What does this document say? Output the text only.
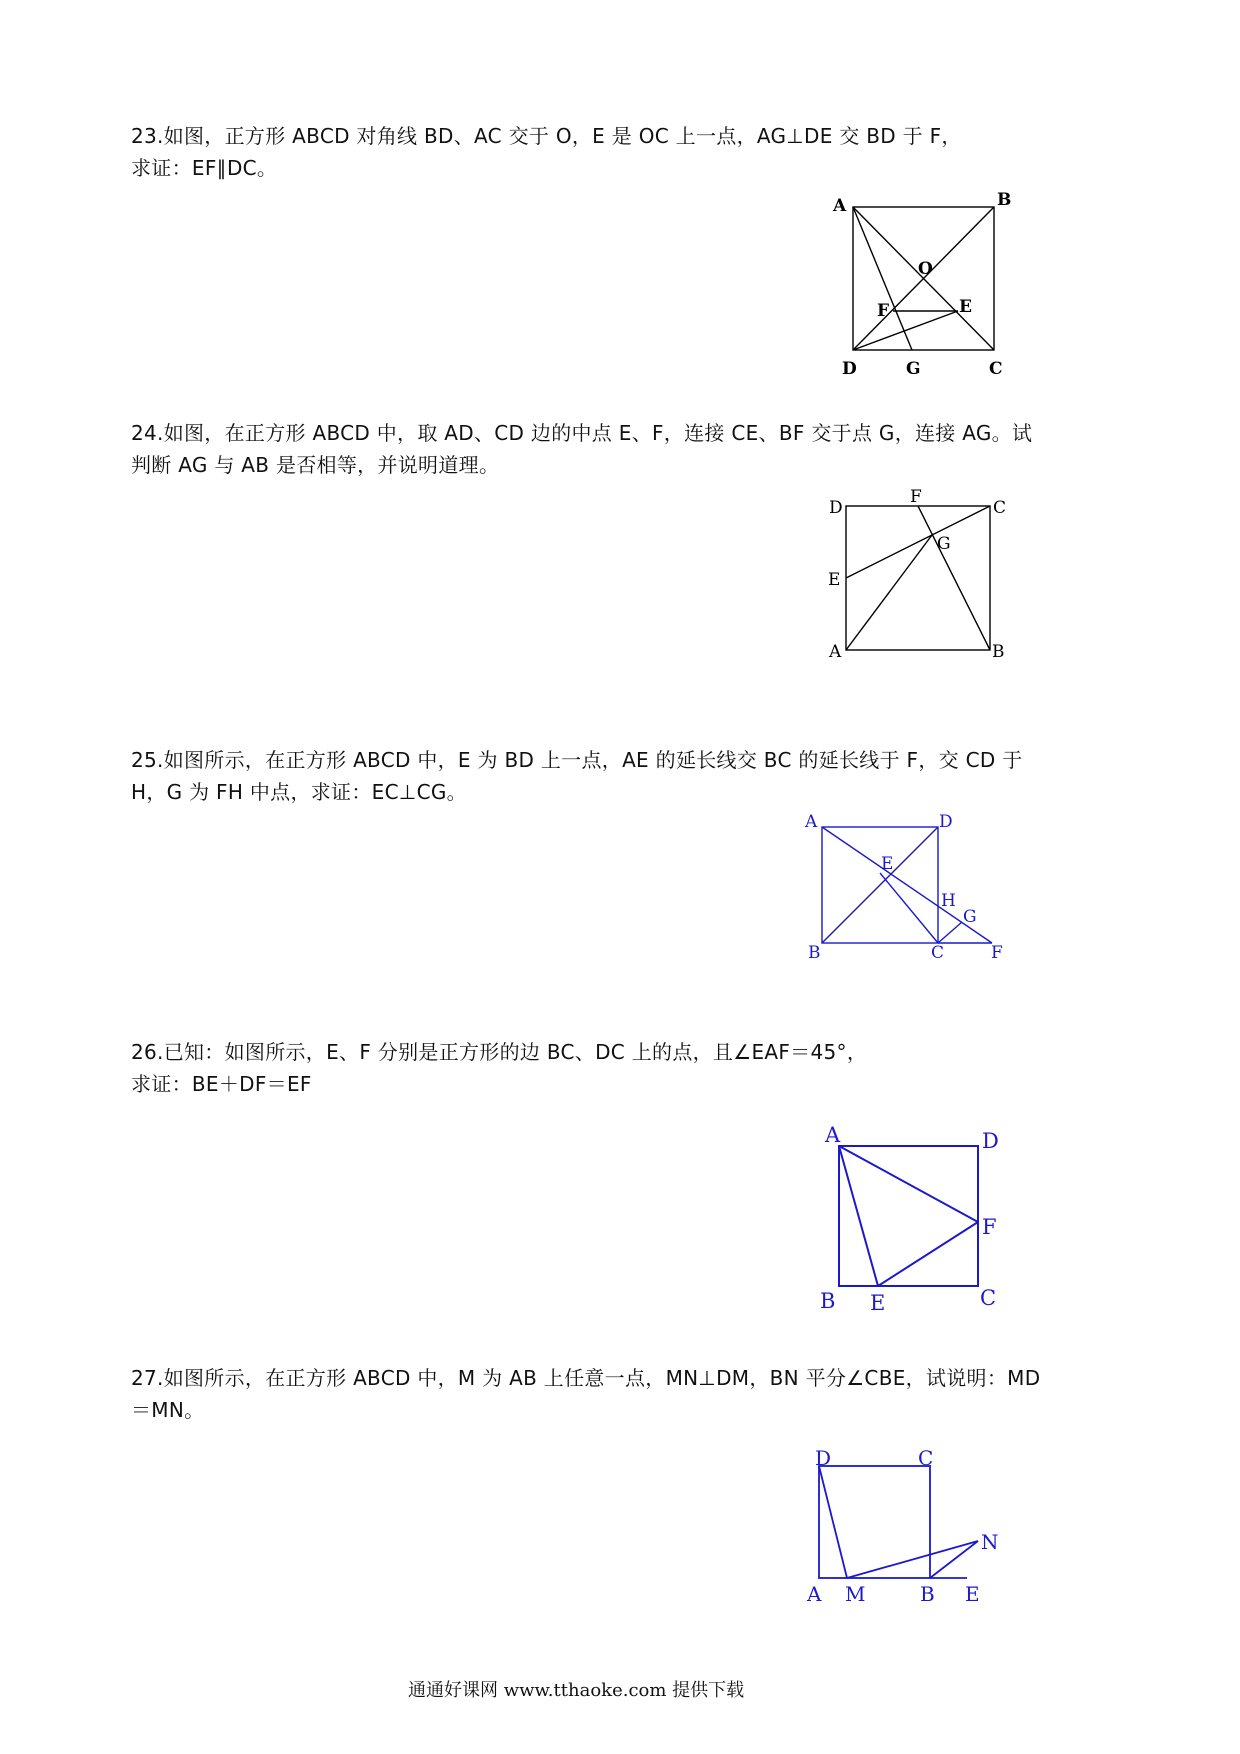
23.如图，正方形 ABCD 对角线 BD、AC 交于 O，E 是 OC 上一点，AG⊥DE 交 BD 于 F，
求证：EF∥DC。
A	B
O
F	E
D	G	C
24.如图，在正方形 ABCD 中，取 AD、CD 边的中点 E、F，连接 CE、BF 交于点 G，连接 AG。试
判断 AG 与 AB 是否相等，并说明道理。
D
F
C
G
E
A	B
25.如图所示，在正方形 ABCD 中，E 为 BD 上一点，AE 的延长线交 BC 的延长线于 F，交 CD 于
H，G 为 FH 中点，求证：EC⊥CG。
A	D
E
H
G
B	C	F
26.已知：如图所示，E、F 分别是正方形的边 BC、DC 上的点，且∠EAF＝45°，
求证：BE＋DF＝EF
A	D
F
B E	C
27.如图所示，在正方形 ABCD 中，M 为 AB 上任意一点，MN⊥DM，BN 平分∠CBE，试说明：MD
＝MN。
D	C
N
A M	B E
通通好课网 www.tthaoke.com 提供下载
